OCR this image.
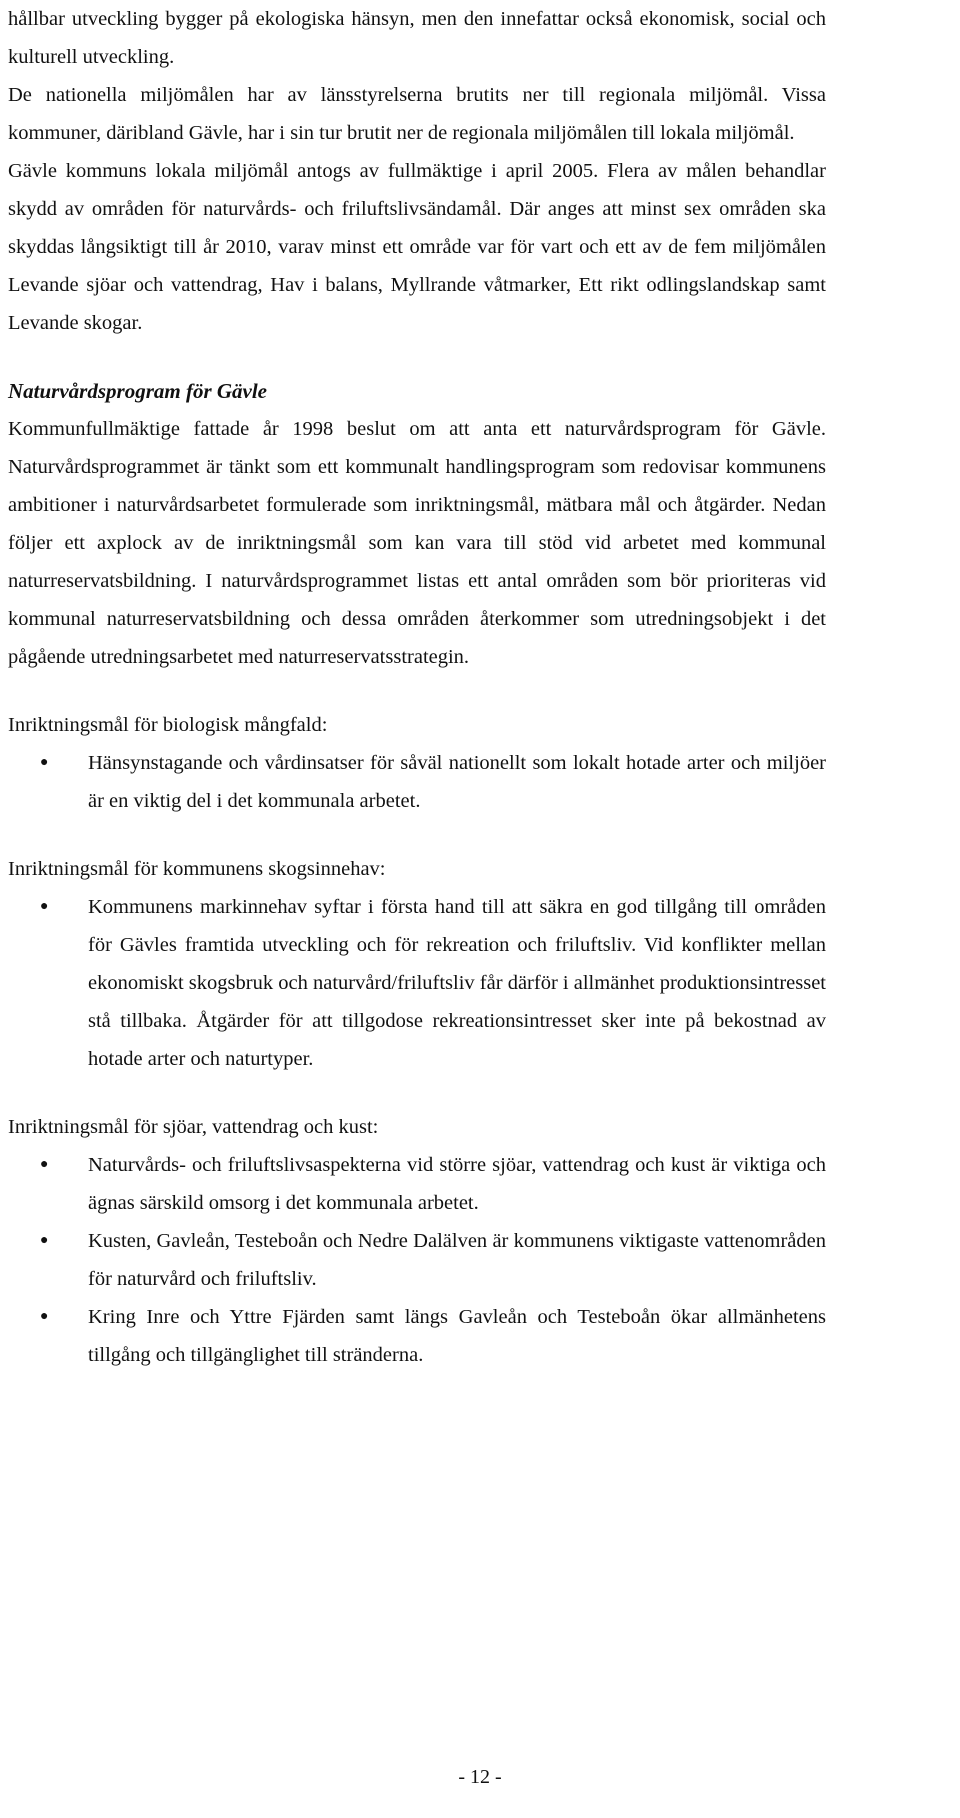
hållbar utveckling bygger på ekologiska hänsyn, men den innefattar också ekonomisk, social och kulturell utveckling.

De nationella miljömålen har av länsstyrelserna brutits ner till regionala miljömål. Vissa kommuner, däribland Gävle, har i sin tur brutit ner de regionala miljömålen till lokala miljömål.

Gävle kommuns lokala miljömål antogs av fullmäktige i april 2005. Flera av målen behandlar skydd av områden för naturvårds- och friluftslivsändamål. Där anges att minst sex områden ska skyddas långsiktigt till år 2010, varav minst ett område var för vart och ett av de fem miljömålen Levande sjöar och vattendrag, Hav i balans, Myllrande våtmarker, Ett rikt odlingslandskap samt Levande skogar.

Naturvårdsprogram för Gävle

Kommunfullmäktige fattade år 1998 beslut om att anta ett naturvårdsprogram för Gävle. Naturvårdsprogrammet är tänkt som ett kommunalt handlingsprogram som redovisar kommunens ambitioner i naturvårdsarbetet formulerade som inriktningsmål, mätbara mål och åtgärder. Nedan följer ett axplock av de inriktningsmål som kan vara till stöd vid arbetet med kommunal naturreservatsbildning. I naturvårdsprogrammet listas ett antal områden som bör prioriteras vid kommunal naturreservatsbildning och dessa områden återkommer som utredningsobjekt i det pågående utredningsarbetet med naturreservatsstrategin.

Inriktningsmål för biologisk mångfald:

● Hänsynstagande och vårdinsatser för såväl nationellt som lokalt hotade arter och miljöer är en viktig del i det kommunala arbetet.

Inriktningsmål för kommunens skogsinnehav:

● Kommunens markinnehav syftar i första hand till att säkra en god tillgång till områden för Gävles framtida utveckling och för rekreation och friluftsliv. Vid konflikter mellan ekonomiskt skogsbruk och naturvård/friluftsliv får därför i allmänhet produktionsintresset stå tillbaka. Åtgärder för att tillgodose rekreationsintresset sker inte på bekostnad av hotade arter och naturtyper.

Inriktningsmål för sjöar, vattendrag och kust:

● Naturvårds- och friluftslivsaspekterna vid större sjöar, vattendrag och kust är viktiga och ägnas särskild omsorg i det kommunala arbetet.
● Kusten, Gavleån, Testeboån och Nedre Dalälven är kommunens viktigaste vattenområden för naturvård och friluftsliv.
● Kring Inre och Yttre Fjärden samt längs Gavleån och Testeboån ökar allmänhetens tillgång och tillgänglighet till stränderna.
- 12 -
